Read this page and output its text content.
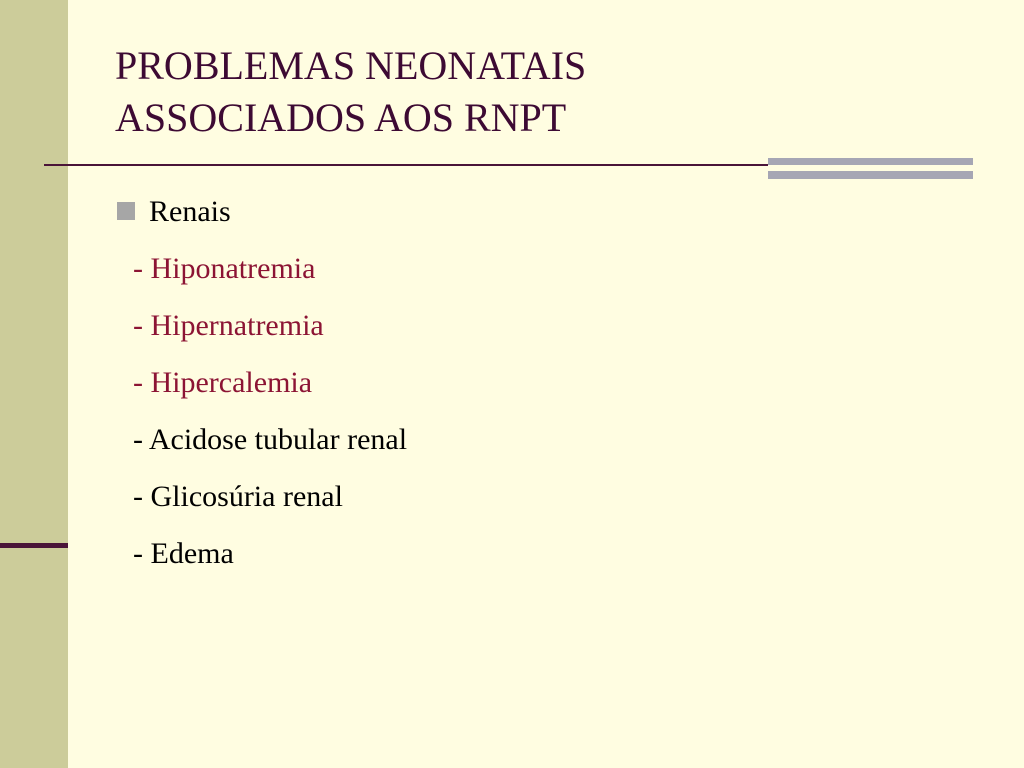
PROBLEMAS NEONATAIS
ASSOCIADOS AOS RNPT
Renais
- Hiponatremia
- Hipernatremia
- Hipercalemia
- Acidose tubular renal
- Glicosúria renal
- Edema
